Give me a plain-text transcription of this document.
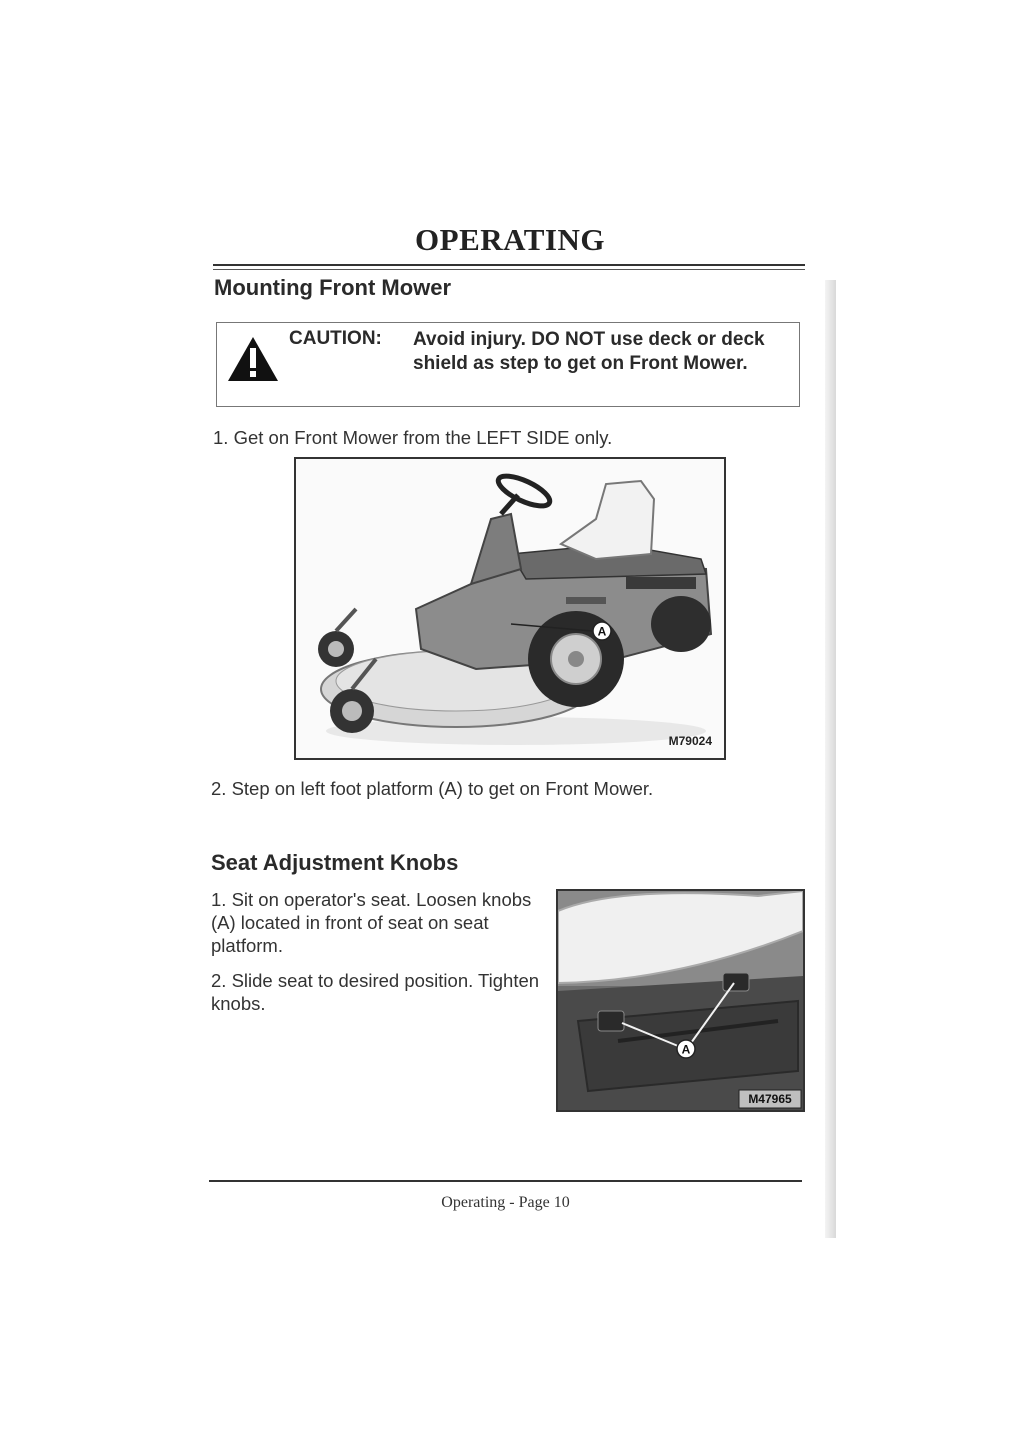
OPERATING
Mounting Front Mower
CAUTION: Avoid injury. DO NOT use deck or deck shield as step to get on Front Mower.
1. Get on Front Mower from the LEFT SIDE only.
A
M79024
2. Step on left foot platform (A) to get on Front Mower.
Seat Adjustment Knobs
1. Sit on operator's seat. Loosen knobs (A) located in front of seat on seat platform.
2. Slide seat to desired position. Tighten knobs.
A
M47965
Operating - Page 10
